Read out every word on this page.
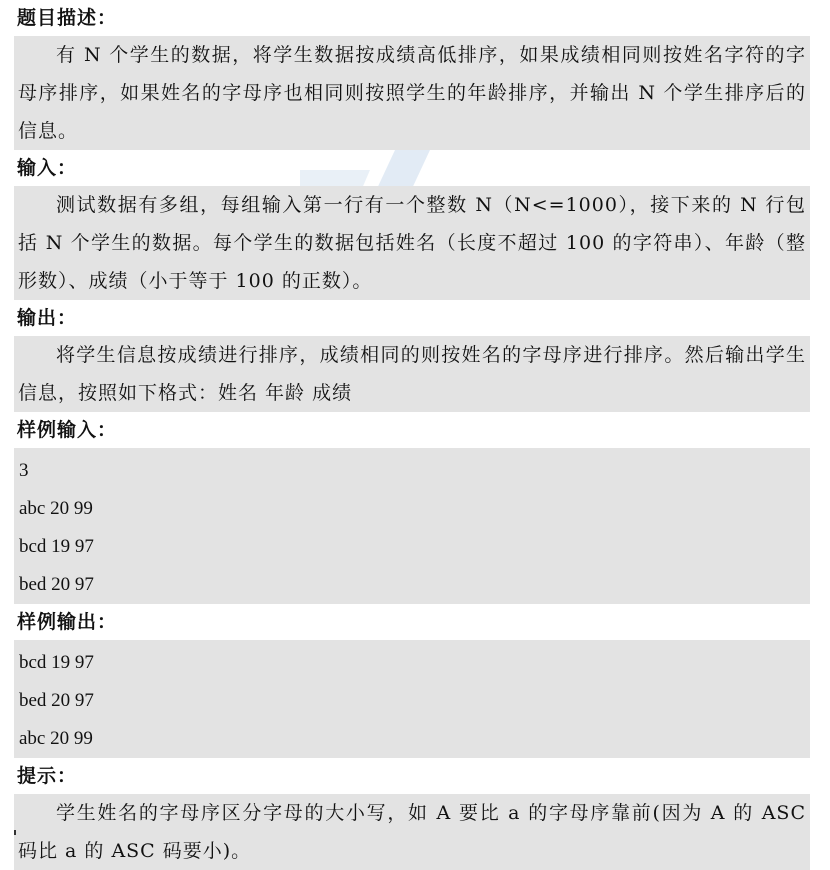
题目描述：

有 N 个学生的数据，将学生数据按成绩高低排序，如果成绩相同则按姓名字符的字母序排序，如果姓名的字母序也相同则按照学生的年龄排序，并输出 N 个学生排序后的信息。

输入：

测试数据有多组，每组输入第一行有一个整数 N（N<=1000），接下来的 N 行包括 N 个学生的数据。每个学生的数据包括姓名（长度不超过 100 的字符串）、年龄（整形数）、成绩（小于等于 100 的正数）。

输出：

将学生信息按成绩进行排序，成绩相同的则按姓名的字母序进行排序。然后输出学生信息，按照如下格式：姓名 年龄 成绩

样例输入：
3
abc 20 99
bcd 19 97
bed 20 97
样例输出：
bcd 19 97
bed 20 97
abc 20 99
提示：

学生姓名的字母序区分字母的大小写，如 A 要比 a 的字母序靠前(因为 A 的 ASC 码比 a 的 ASC 码要小)。
